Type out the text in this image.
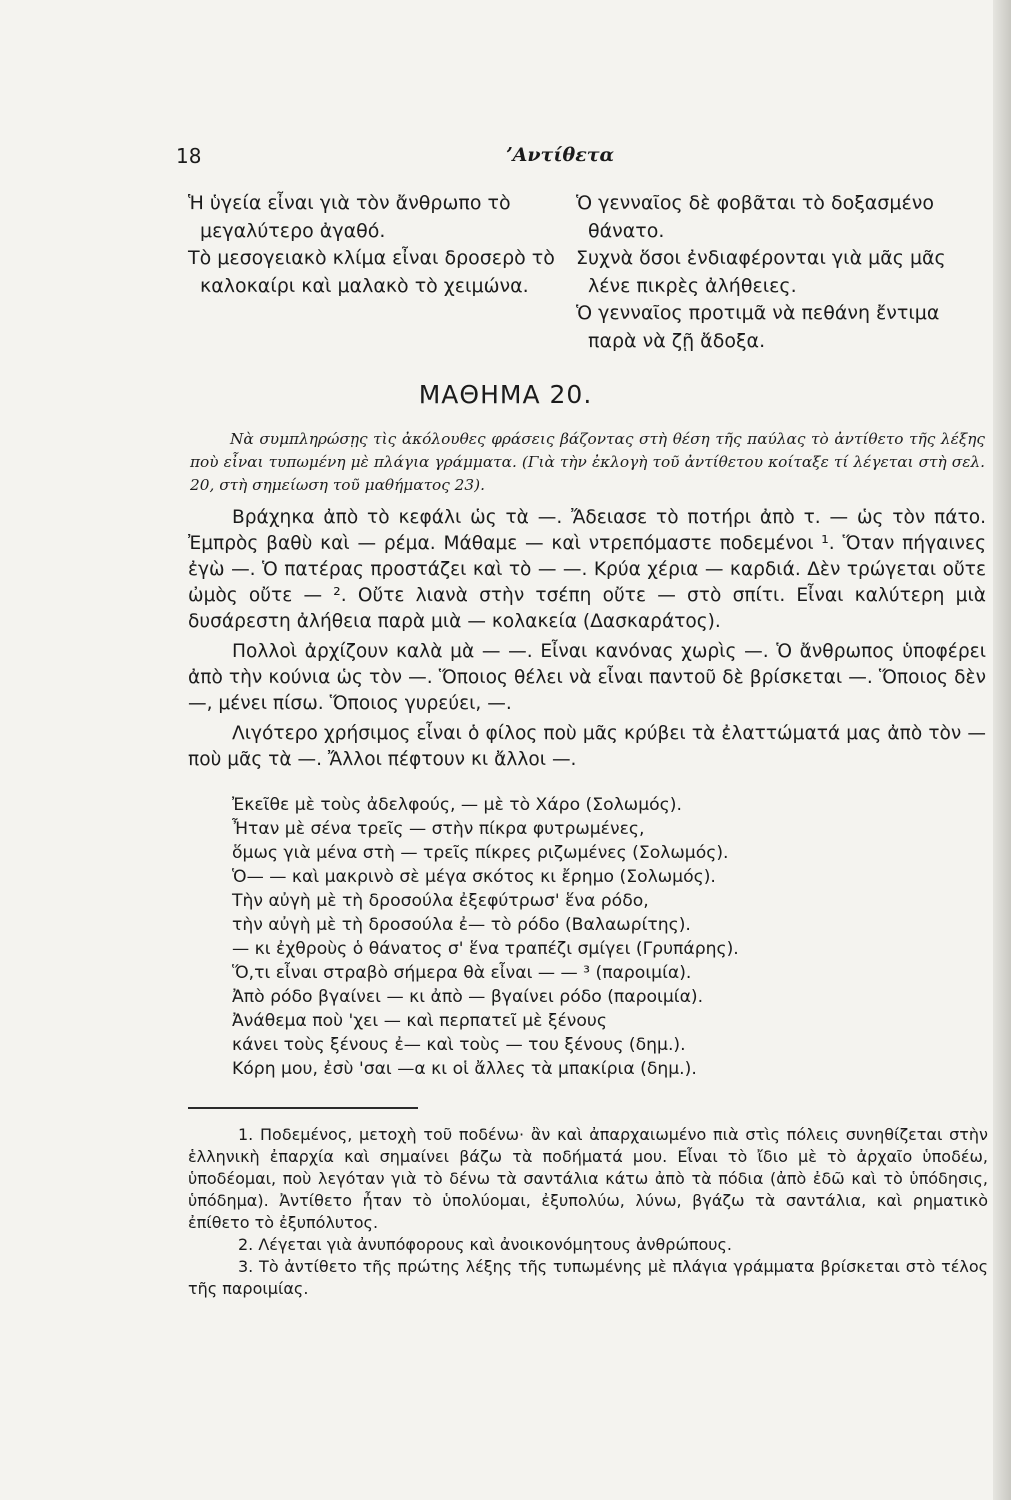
18	ʼΑντίθετα

Ἡ ὑγεία εἶναι γιὰ τὸν ἄνθρωπο τὸ μεγαλύτερο ἀγαθό.

Τὸ μεσογειακὸ κλίμα εἶναι δροσερὸ τὸ καλοκαίρι καὶ μαλακὸ τὸ χειμώνα.

Ὁ γενναῖος δὲ φοβᾶται τὸ δοξασμένο θάνατο.

Συχνὰ ὅσοι ἐνδιαφέρονται γιὰ μᾶς μᾶς λένε πικρὲς ἀλήθειες.

Ὁ γενναῖος προτιμᾶ νὰ πεθάνη ἔντιμα παρὰ νὰ ζῇ ἄδοξα.

ΜΑΘΗΜΑ 20.
Νὰ συμπληρώσῃς τὶς ἀκόλουθες φράσεις βάζοντας στὴ θέση τῆς παύλας τὸ ἀντίθετο τῆς λέξης ποὺ εἶναι τυπωμένη μὲ πλάγια γράμματα. (Γιὰ τὴν ἐκλογὴ τοῦ ἀντίθετου κοίταξε τί λέγεται στὴ σελ. 20, στὴ σημείωση τοῦ μαθήματος 23).

Βράχηκα ἀπὸ τὸ κεφάλι ὡς τὰ —. Ἄδειασε τὸ ποτήρι ἀπὸ τ. — ὡς τὸν πάτο. Ἐμπρὸς βαθὺ καὶ — ρέμα. Μάθαμε — καὶ ντρεπόμαστε ποδεμένοι ¹. Ὅταν πήγαινες ἐγὼ —. Ὁ πατέρας προστάζει καὶ τὸ — —. Κρύα χέρια — καρδιά. Δὲν τρώγεται οὔτε ὠμὸς οὔτε — ². Οὔτε λιανὰ στὴν τσέπη οὔτε — στὸ σπίτι. Εἶναι καλύτερη μιὰ δυσάρεστη ἀλήθεια παρὰ μιὰ — κολακεία (Δασκαράτος).

Πολλοὶ ἀρχίζουν καλὰ μὰ — —. Εἶναι κανόνας χωρὶς —. Ὁ ἄνθρωπος ὑποφέρει ἀπὸ τὴν κούνια ὡς τὸν —. Ὅποιος θέλει νὰ εἶναι παντοῦ δὲ βρίσκεται —. Ὅποιος δὲν —, μένει πίσω. Ὅποιος γυρεύει, —.

Λιγότερο χρήσιμος εἶναι ὁ φίλος ποὺ μᾶς κρύβει τὰ ἐλαττώματά μας ἀπὸ τὸν — ποὺ μᾶς τὰ —. Ἄλλοι πέφτουν κι ἄλλοι —.

Ἐκεῖθε μὲ τοὺς ἀδελφούς, — μὲ τὸ Χάρο (Σολωμός).
Ἦταν μὲ σένα τρεῖς — στὴν πίκρα φυτρωμένες,
ὅμως γιὰ μένα στὴ — τρεῖς πίκρες ριζωμένες (Σολωμός).
Ὁ— — καὶ μακρινὸ σὲ μέγα σκότος κι ἔρημο (Σολωμός).
Τὴν αὐγὴ μὲ τὴ δροσούλα ἐξεφύτρωσ' ἕνα ρόδο,
τὴν αὐγὴ μὲ τὴ δροσούλα ἐ— τὸ ρόδο (Βαλαωρίτης).
— κι ἐχθροὺς ὁ θάνατος σ' ἕνα τραπέζι σμίγει (Γρυπάρης).
Ὅ,τι εἶναι στραβὸ σήμερα θὰ εἶναι — — ³ (παροιμία).
Ἀπὸ ρόδο βγαίνει — κι ἀπὸ — βγαίνει ρόδο (παροιμία).
Ἀνάθεμα ποὺ 'χει — καὶ περπατεῖ μὲ ξένους
κάνει τοὺς ξένους ἐ— καὶ τοὺς — του ξένους (δημ.).
Κόρη μου, ἐσὺ 'σαι —α κι οἱ ἄλλες τὰ μπακίρια (δημ.).

1. Ποδεμένος, μετοχὴ τοῦ ποδένω· ἂν καὶ ἀπαρχαιωμένο πιὰ στὶς πόλεις συνηθίζεται στὴν ἑλληνικὴ ἐπαρχία καὶ σημαίνει βάζω τὰ ποδήματά μου. Εἶναι τὸ ἴδιο μὲ τὸ ἀρχαῖο ὑποδέω, ὑποδέομαι, ποὺ λεγόταν γιὰ τὸ δένω τὰ σαντάλια κάτω ἀπὸ τὰ πόδια (ἀπὸ ἐδῶ καὶ τὸ ὑπόδησις, ὑπόδημα). Ἀντίθετο ἦταν τὸ ὑπολύομαι, ἐξυπολύω, λύνω, βγάζω τὰ σαντάλια, καὶ ρηματικὸ ἐπίθετο τὸ ἐξυπόλυτος.

2. Λέγεται γιὰ ἀνυπόφορους καὶ ἀνοικονόμητους ἀνθρώπους.

3. Τὸ ἀντίθετο τῆς πρώτης λέξης τῆς τυπωμένης μὲ πλάγια γράμματα βρίσκεται στὸ τέλος τῆς παροιμίας.
